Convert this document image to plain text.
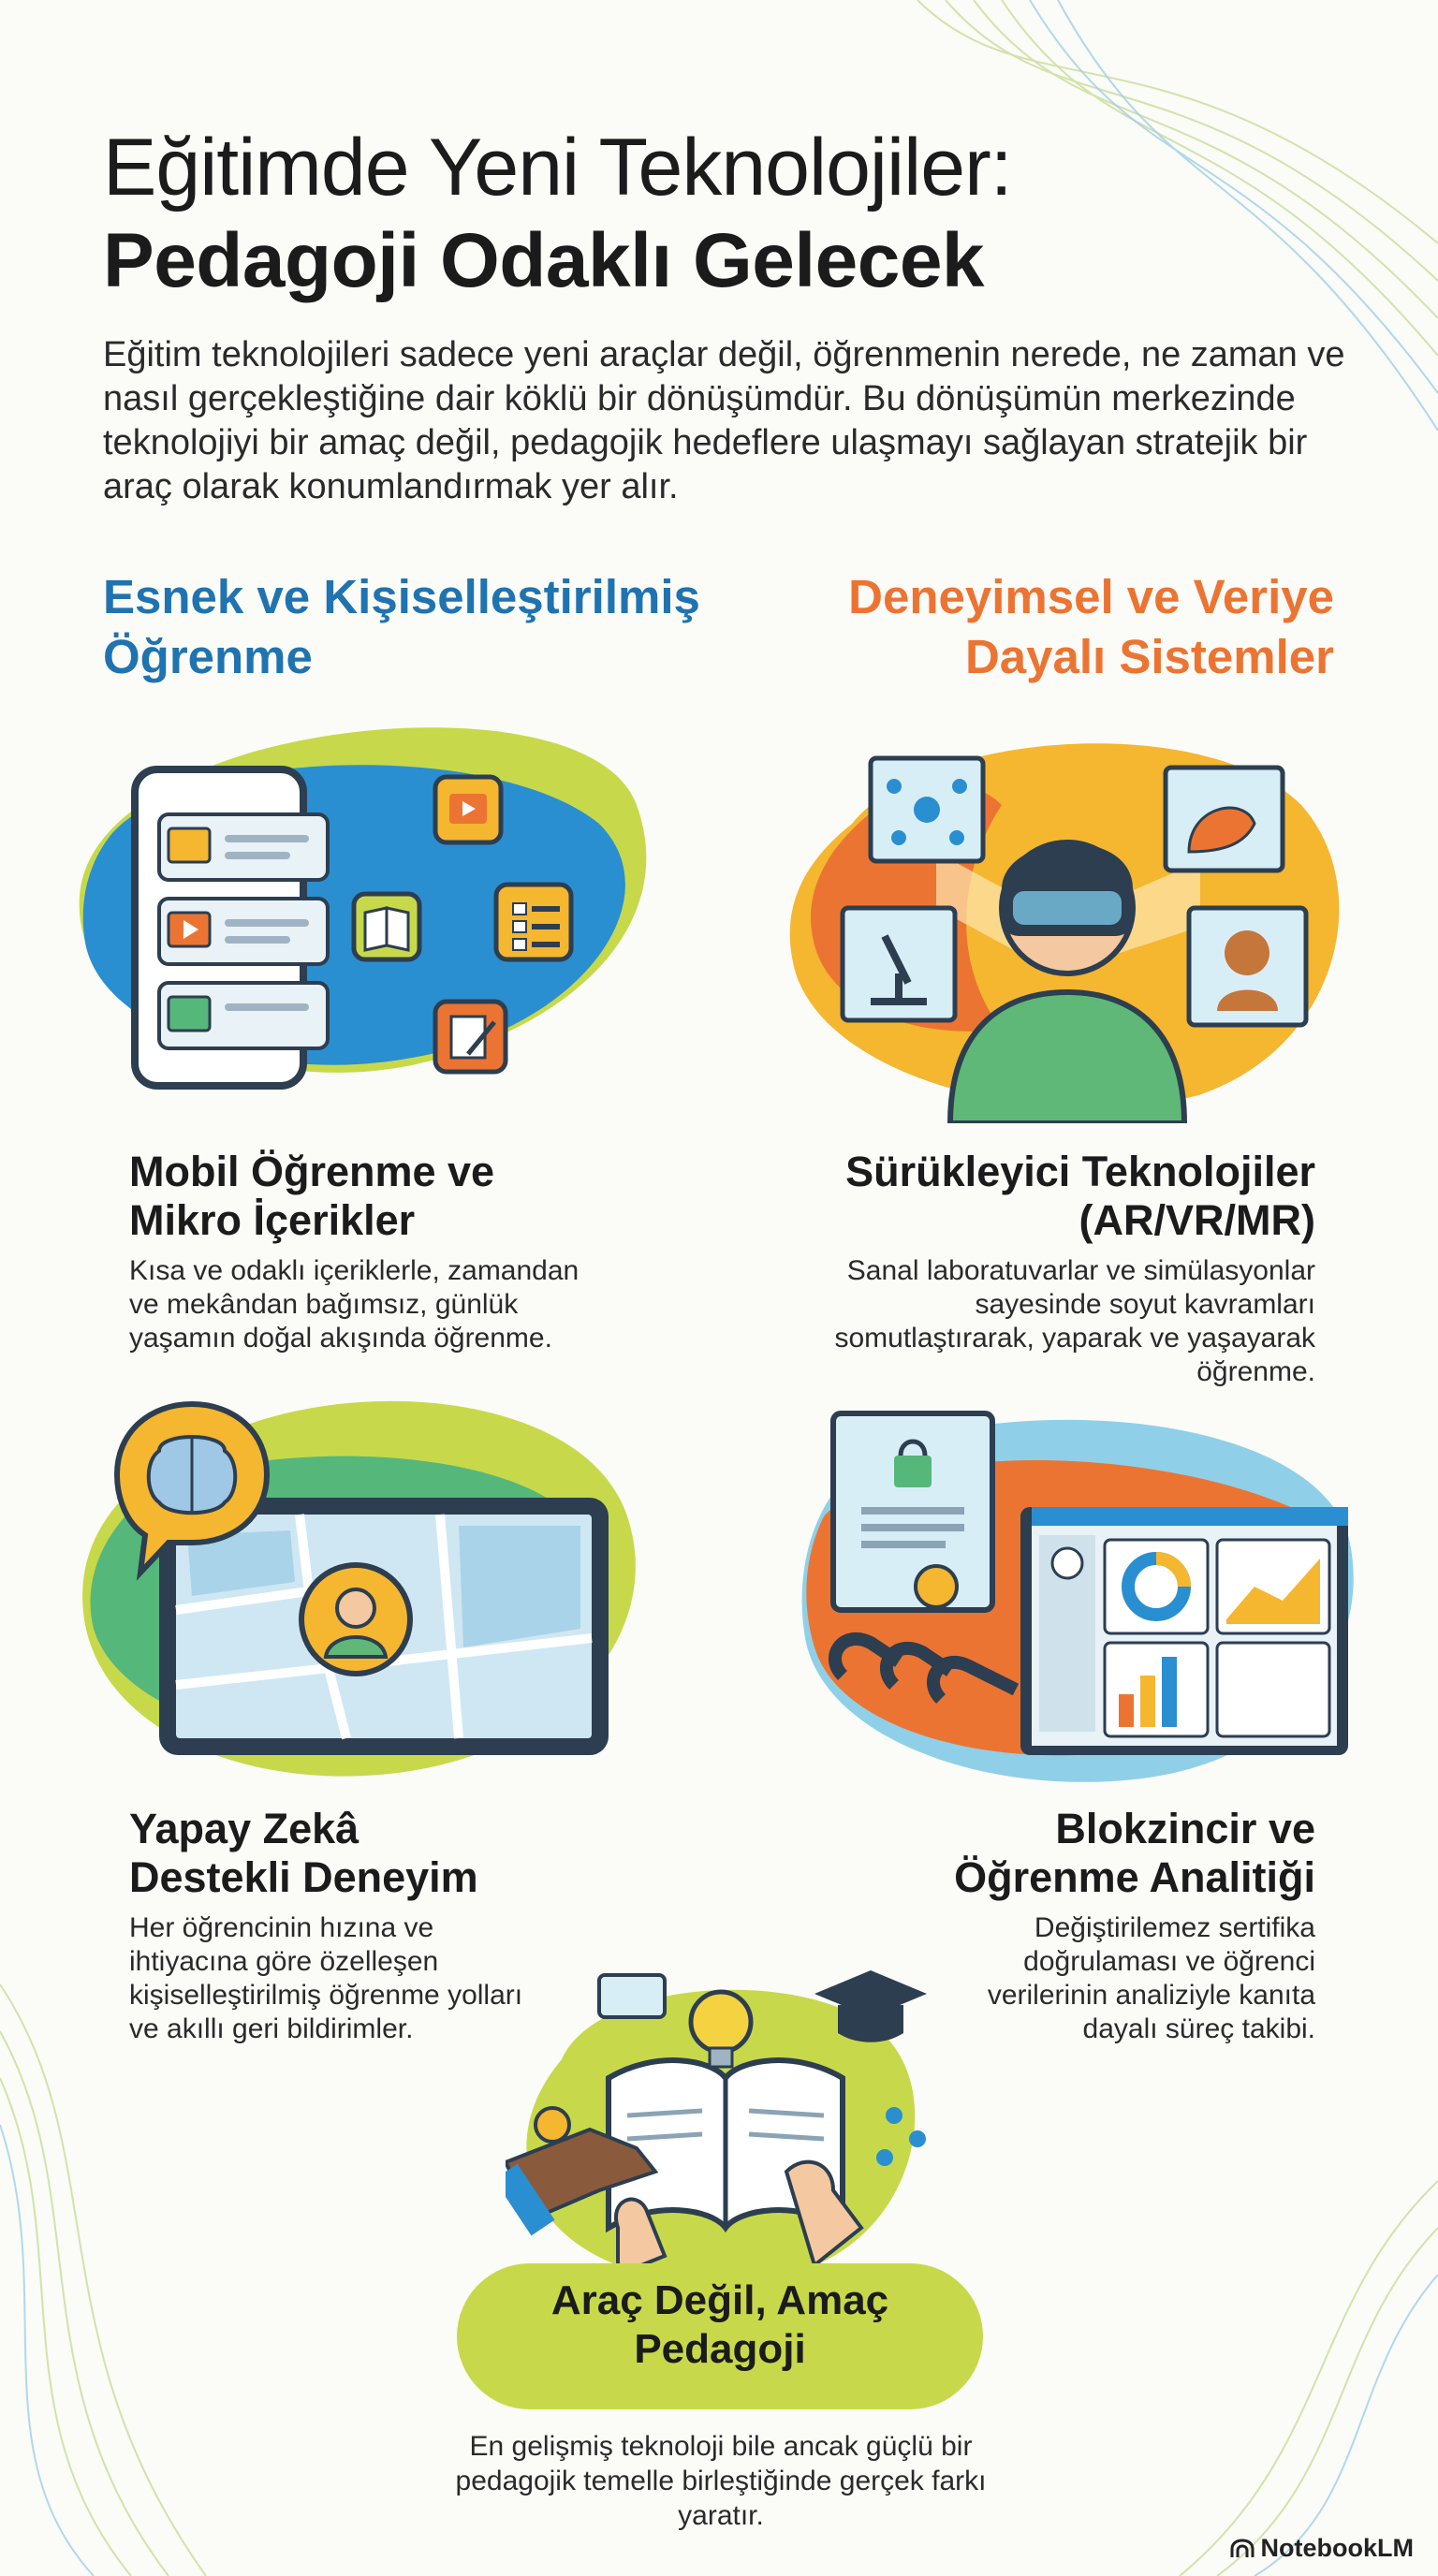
Eğitimde Yeni Teknolojiler:
Pedagoji Odaklı Gelecek
Eğitim teknolojileri sadece yeni araçlar değil, öğrenmenin nerede, ne zaman ve nasıl gerçekleştiğine dair köklü bir dönüşümdür. Bu dönüşümün merkezinde teknolojiyi bir amaç değil, pedagojik hedeflere ulaşmayı sağlayan stratejik bir araç olarak konumlandırmak yer alır.
Esnek ve Kişiselleştirilmiş Öğrenme
Deneyimsel ve Veriye Dayalı Sistemler
Mobil Öğrenme ve
Mikro İçerikler
Kısa ve odaklı içeriklerle, zamandan ve mekândan bağımsız, günlük yaşamın doğal akışında öğrenme.
Sürükleyici Teknolojiler
(AR/VR/MR)
Sanal laboratuvarlar ve simülasyonlar sayesinde soyut kavramları somutlaştırarak, yaparak ve yaşayarak öğrenme.
Yapay Zekâ
Destekli Deneyim
Her öğrencinin hızına ve ihtiyacına göre özelleşen kişiselleştirilmiş öğrenme yolları ve akıllı geri bildirimler.
Blokzincir ve
Öğrenme Analitiği
Değiştirilemez sertifika doğrulaması ve öğrenci verilerinin analiziyle kanıta dayalı süreç takibi.
Araç Değil, Amaç
Pedagoji
En gelişmiş teknoloji bile ancak güçlü bir pedagojik temelle birleştiğinde gerçek farkı yaratır.
NotebookLM
